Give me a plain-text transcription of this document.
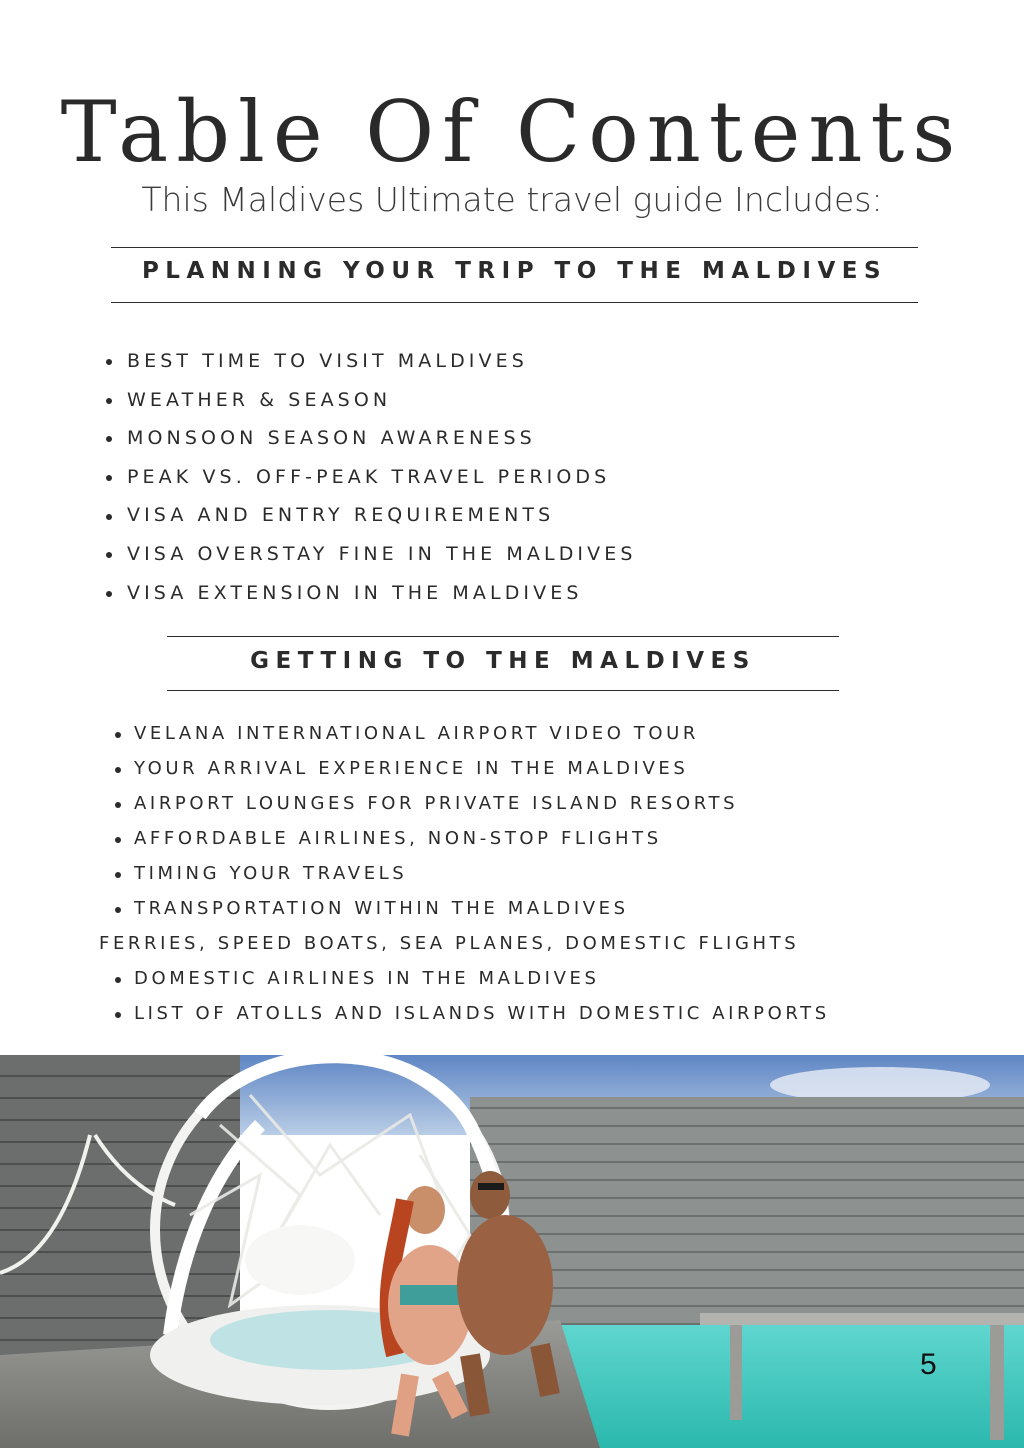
Table Of Contents
This Maldives Ultimate travel guide Includes:
PLANNING YOUR TRIP TO THE MALDIVES
BEST TIME TO VISIT MALDIVES
WEATHER & SEASON
MONSOON SEASON AWARENESS
PEAK VS. OFF-PEAK TRAVEL PERIODS
VISA AND ENTRY REQUIREMENTS
VISA OVERSTAY FINE IN THE MALDIVES
VISA EXTENSION IN THE MALDIVES
GETTING TO THE MALDIVES
VELANA INTERNATIONAL AIRPORT VIDEO TOUR
YOUR ARRIVAL EXPERIENCE IN THE MALDIVES
AIRPORT LOUNGES FOR PRIVATE ISLAND RESORTS
AFFORDABLE AIRLINES, NON-STOP FLIGHTS
TIMING YOUR TRAVELS
TRANSPORTATION WITHIN THE MALDIVES
FERRIES, SPEED BOATS, SEA PLANES, DOMESTIC FLIGHTS
DOMESTIC AIRLINES IN THE MALDIVES
LIST OF ATOLLS AND ISLANDS WITH DOMESTIC AIRPORTS
5
